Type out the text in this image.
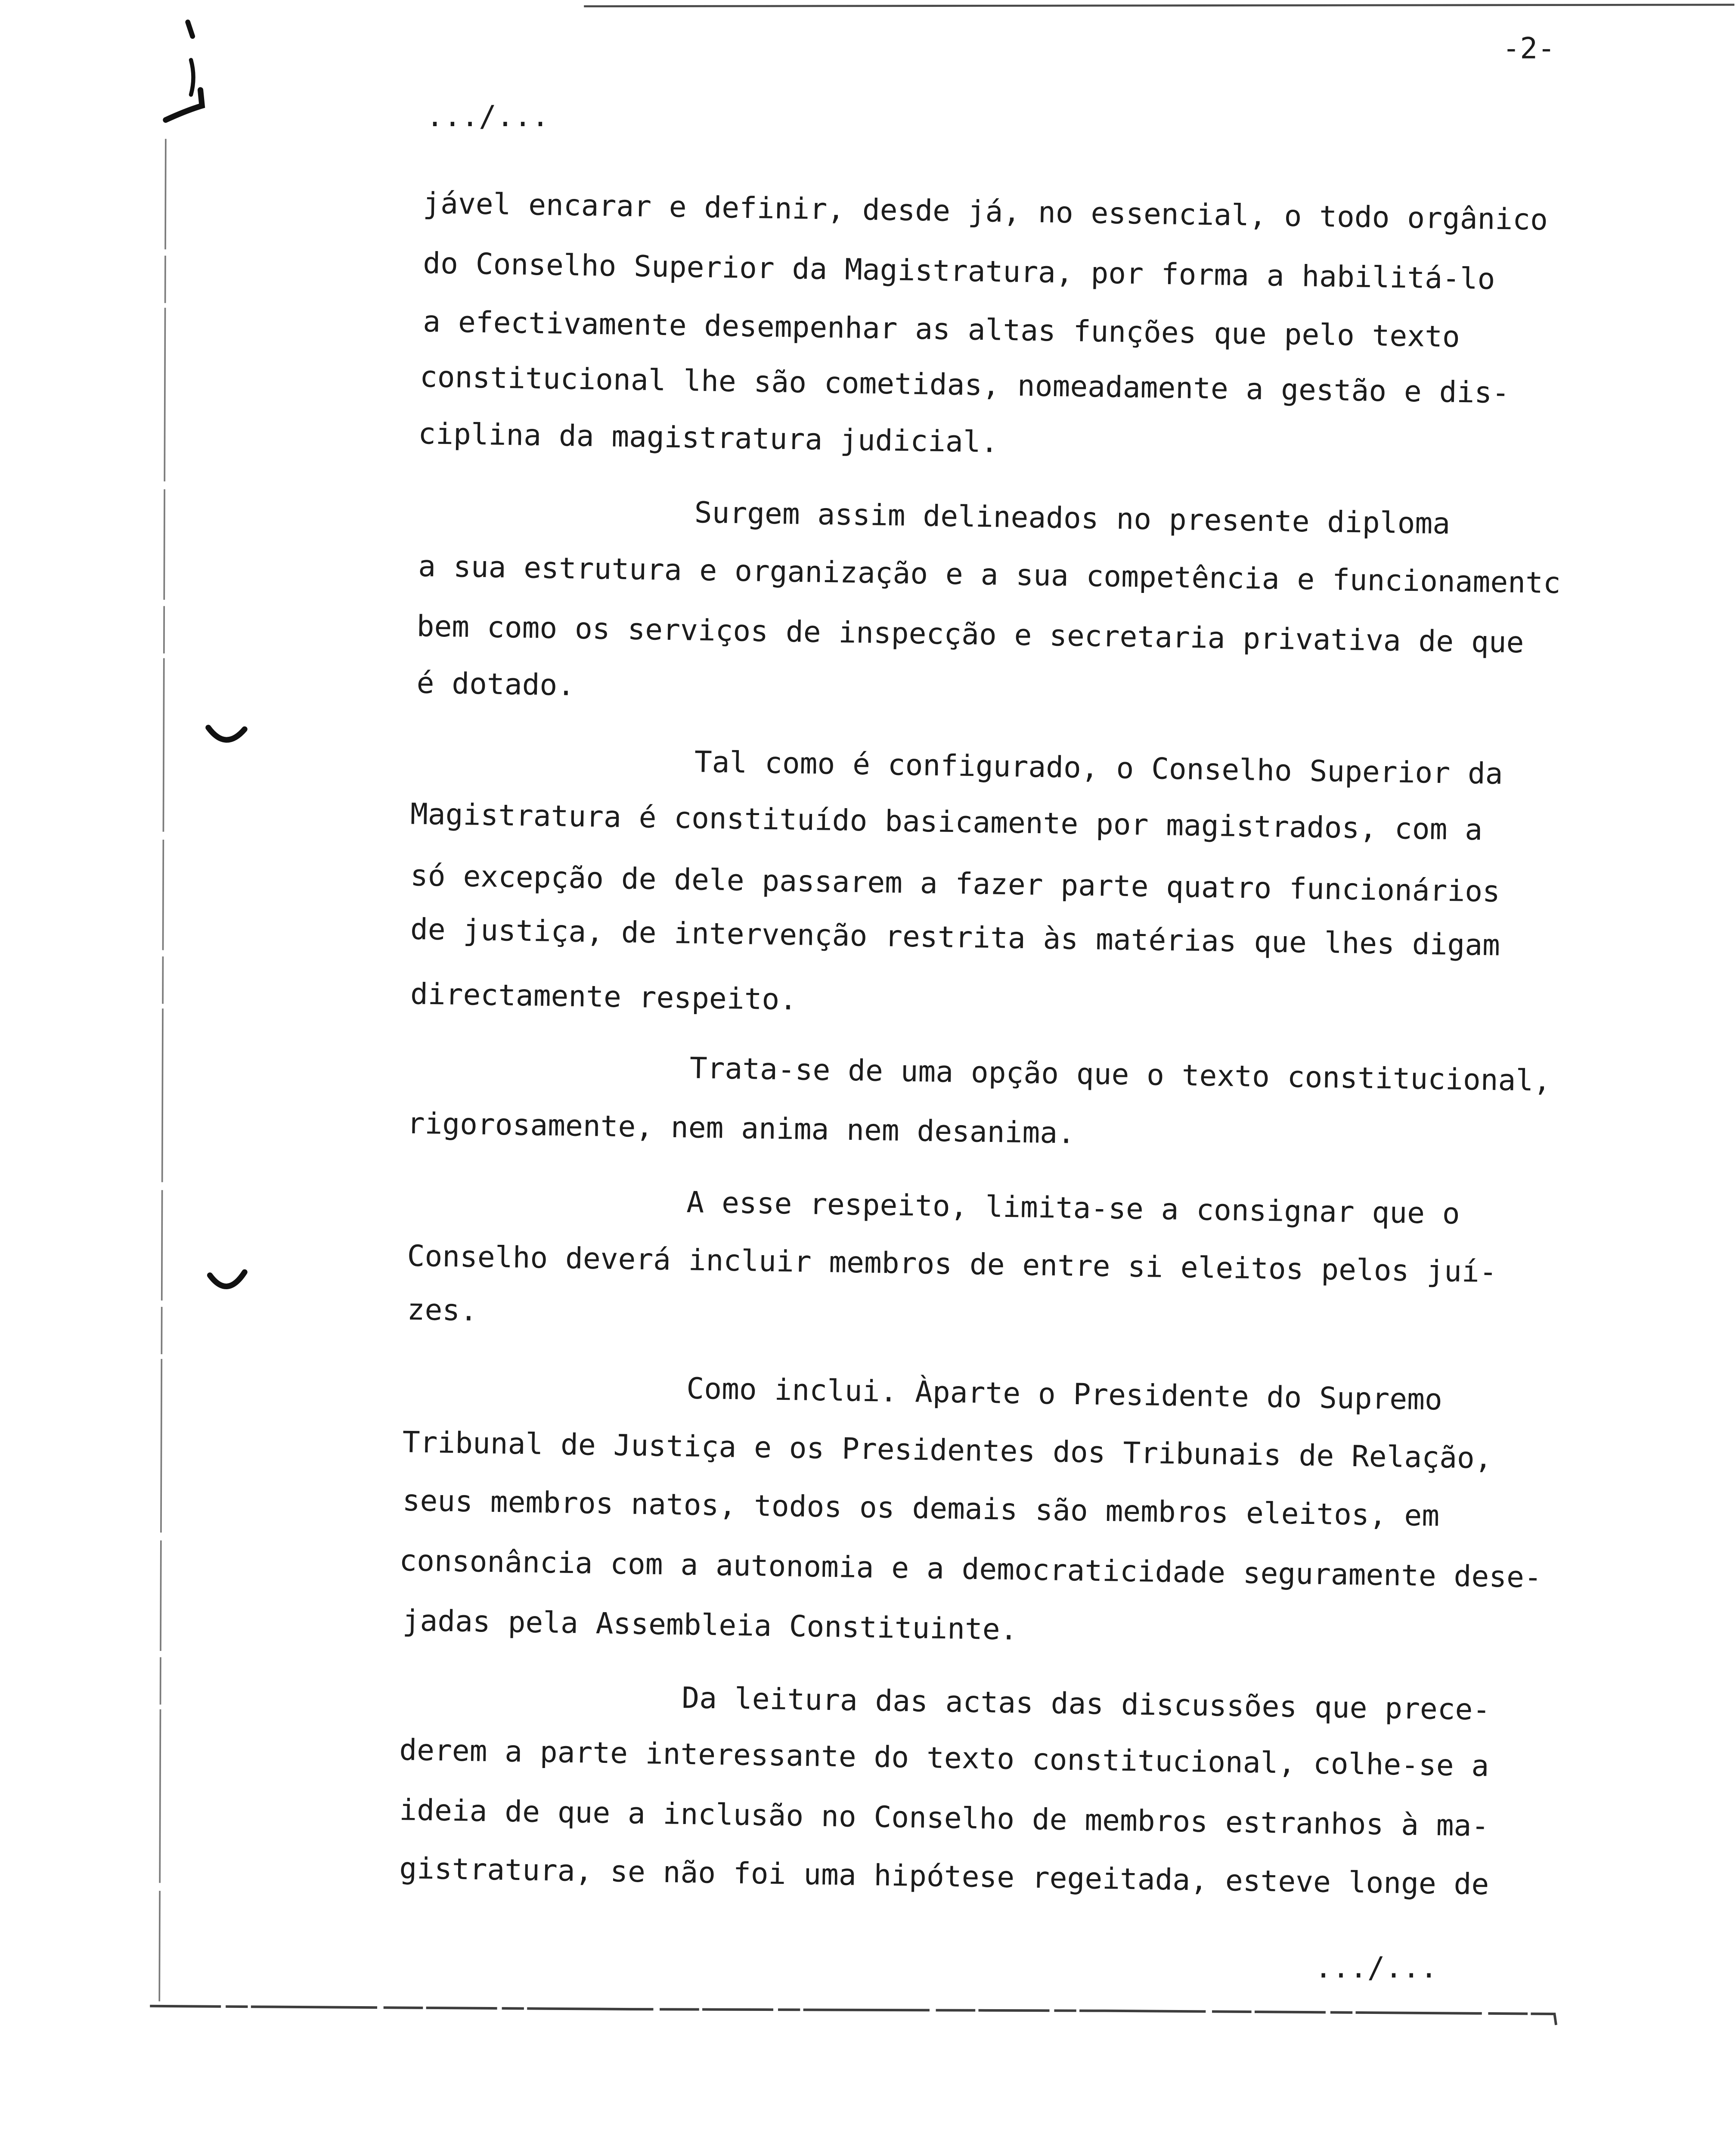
-2-
.../...
jável encarar e definir, desde já, no essencial, o todo orgânico
do Conselho Superior da Magistratura, por forma a habilitá-lo
a efectivamente desempenhar as altas funções que pelo texto
constitucional lhe são cometidas, nomeadamente a gestão e dis-
ciplina da magistratura judicial.
Surgem assim delineados no presente diploma
a sua estrutura e organização e a sua competência e funcionamentc
bem como os serviços de inspecção e secretaria privativa de que
é dotado.
Tal como é configurado, o Conselho Superior da
Magistratura é constituído basicamente por magistrados, com a
só excepção de dele passarem a fazer parte quatro funcionários
de justiça, de intervenção restrita às matérias que lhes digam
directamente respeito.
Trata-se de uma opção que o texto constitucional,
rigorosamente, nem anima nem desanima.
A esse respeito, limita-se a consignar que o
Conselho deverá incluir membros de entre si eleitos pelos juí-
zes.
Como inclui. Àparte o Presidente do Supremo
Tribunal de Justiça e os Presidentes dos Tribunais de Relação,
seus membros natos, todos os demais são membros eleitos, em
consonância com a autonomia e a democraticidade seguramente dese-
jadas pela Assembleia Constituinte.
Da leitura das actas das discussões que prece-
derem a parte interessante do texto constitucional, colhe-se a
ideia de que a inclusão no Conselho de membros estranhos à ma-
gistratura, se não foi uma hipótese regeitada, esteve longe de
.../...
